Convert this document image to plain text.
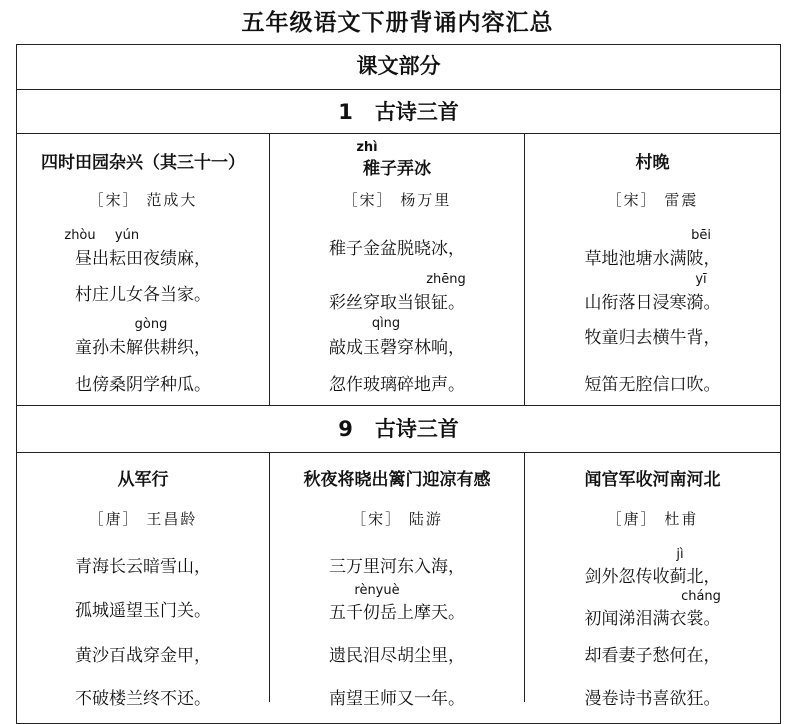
五年级语文下册背诵内容汇总
课文部分
1 古诗三首
四时田园杂兴（其三十一）
［宋］ 范成大
zhòu yún
昼出耘田夜绩麻，
村庄儿女各当家。
gòng
童孙未解供耕织，
也傍桑阴学种瓜。
zhì
稚子弄冰
［宋］ 杨万里
稚子金盆脱晓冰，
zhēng
彩丝穿取当银钲。
qìng
敲成玉磬穿林响，
忽作玻璃碎地声。
村晚
［宋］ 雷震
bēi
草地池塘水满陂，
yī
山衔落日浸寒漪。
牧童归去横牛背，
短笛无腔信口吹。
9 古诗三首
从军行
［唐］ 王昌龄
青海长云暗雪山，
孤城遥望玉门关。
黄沙百战穿金甲，
不破楼兰终不还。
秋夜将晓出篱门迎凉有感
［宋］ 陆游
三万里河东入海，
rènyuè
五千仞岳上摩天。
遗民泪尽胡尘里，
南望王师又一年。
闻官军收河南河北
［唐］ 杜甫
jì
剑外忽传收蓟北，
cháng
初闻涕泪满衣裳。
却看妻子愁何在，
漫卷诗书喜欲狂。
